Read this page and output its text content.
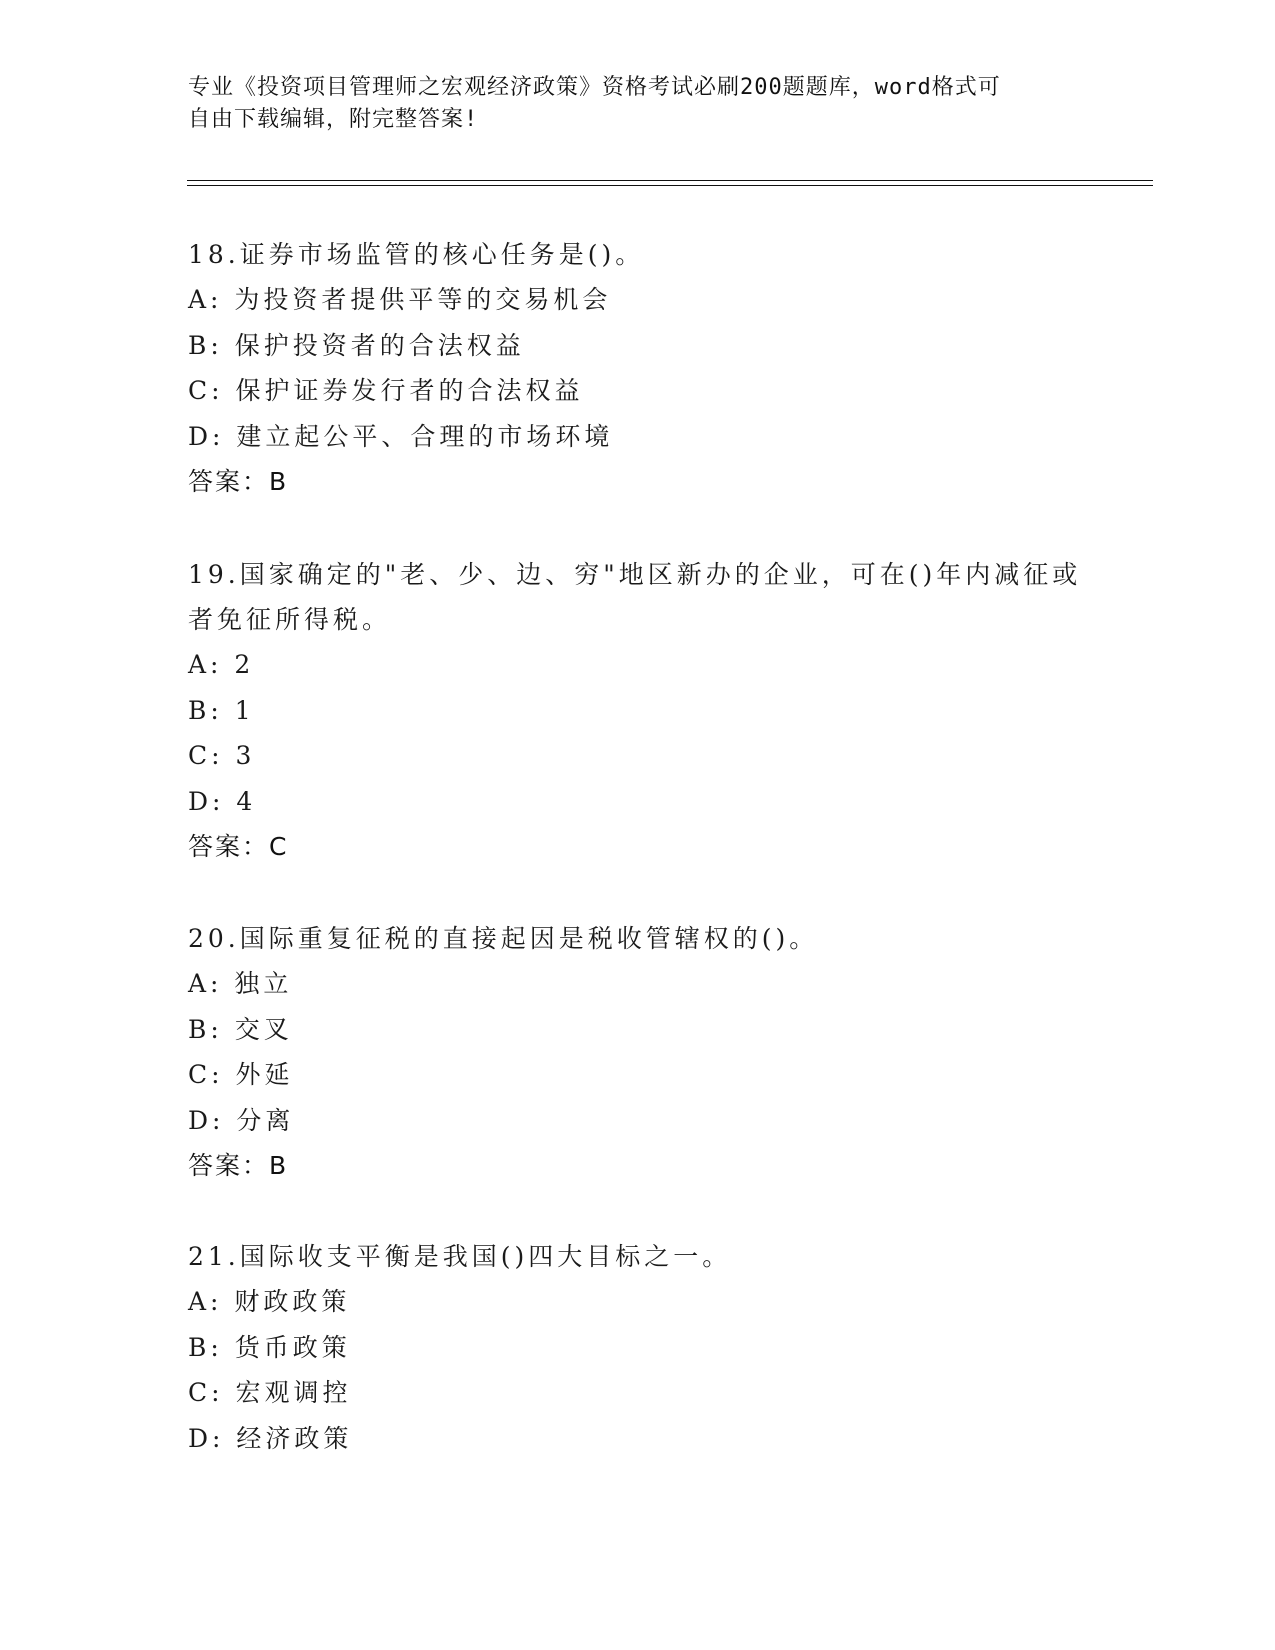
专业《投资项目管理师之宏观经济政策》资格考试必刷200题题库，word格式可
自由下载编辑，附完整答案!
18.证券市场监管的核心任务是()。
A: 为投资者提供平等的交易机会
B: 保护投资者的合法权益
C: 保护证券发行者的合法权益
D: 建立起公平、合理的市场环境
答案：B
19.国家确定的"老、少、边、穷"地区新办的企业，可在()年内减征或
者免征所得税。
A: 2
B: 1
C: 3
D: 4
答案：C
20.国际重复征税的直接起因是税收管辖权的()。
A: 独立
B: 交叉
C: 外延
D: 分离
答案：B
21.国际收支平衡是我国()四大目标之一。
A: 财政政策
B: 货币政策
C: 宏观调控
D: 经济政策
